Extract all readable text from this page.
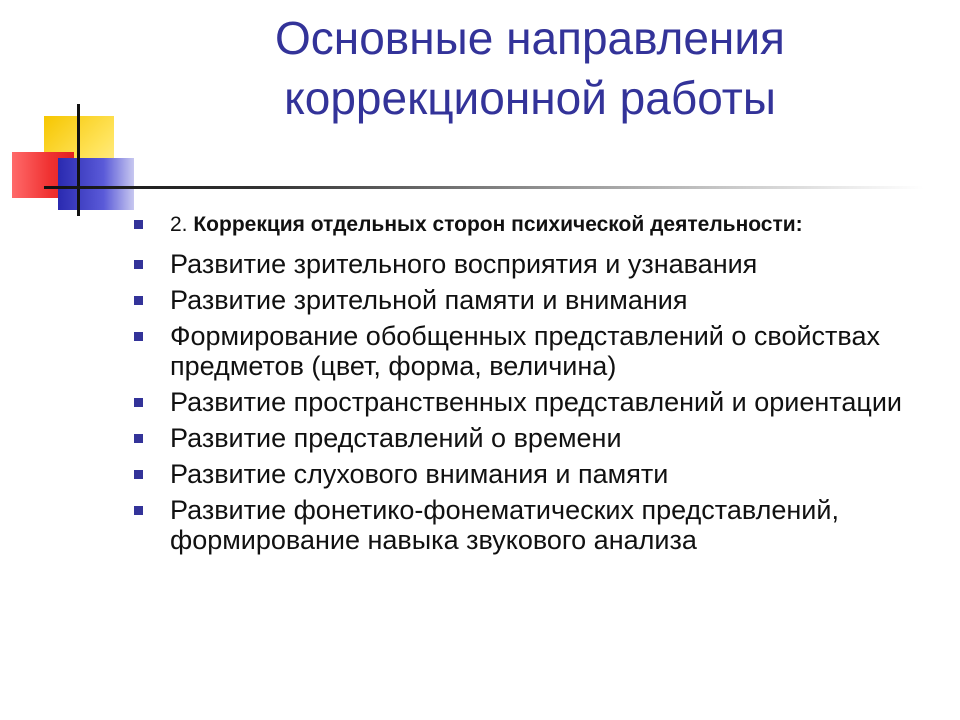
Основные направления
коррекционной работы
2. Коррекция отдельных сторон психической деятельности:
Развитие зрительного восприятия и узнавания
Развитие зрительной памяти и внимания
Формирование обобщенных представлений о свойствах предметов (цвет, форма, величина)
Развитие пространственных представлений и ориентации
Развитие представлений о времени
Развитие слухового внимания и памяти
Развитие фонетико-фонематических представлений, формирование навыка звукового анализа
